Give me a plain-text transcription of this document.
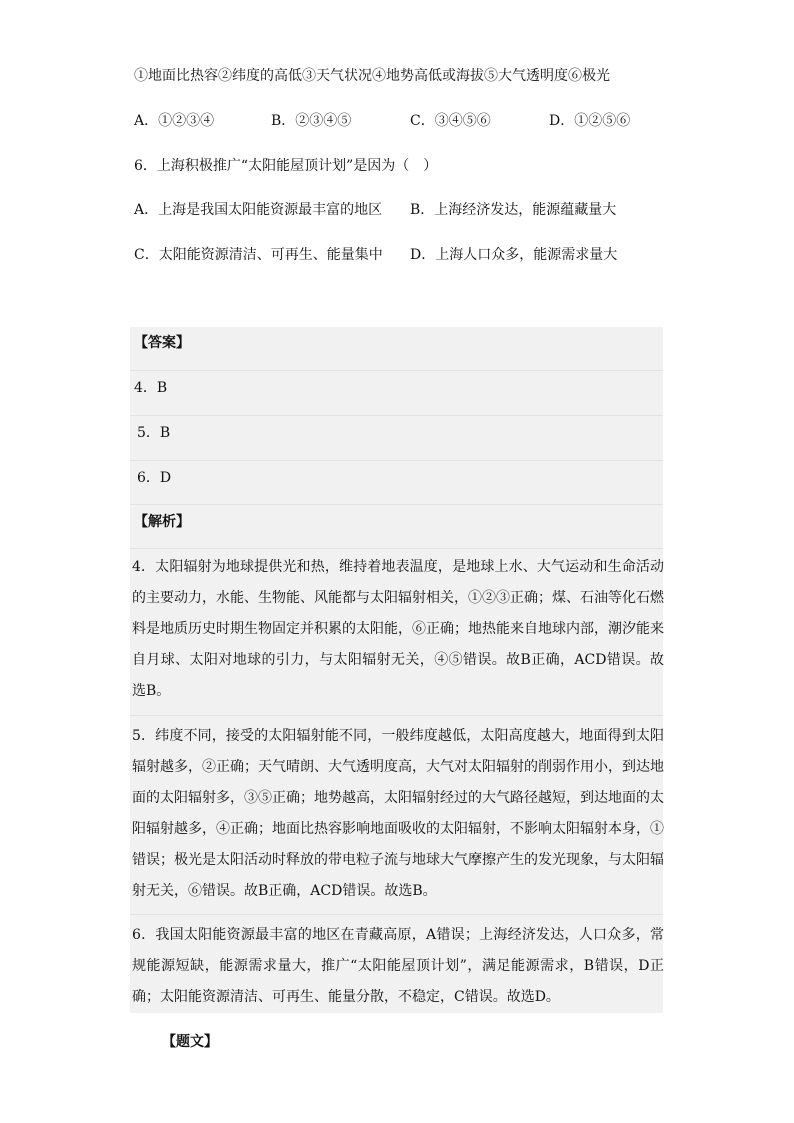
①地面比热容②纬度的高低③天气状况④地势高低或海拔⑤大气透明度⑥极光
A．①②③④	B．②③④⑤	C．③④⑤⑥	D．①②⑤⑥
6．上海积极推广“太阳能屋顶计划”是因为（　）
A．上海是我国太阳能资源最丰富的地区 B．上海经济发达，能源蕴藏量大
C．太阳能资源清洁、可再生、能量集中 D．上海人口众多，能源需求量大
【答案】
4．B
5．B
6．D
【解析】
4．太阳辐射为地球提供光和热，维持着地表温度，是地球上水、大气运动和生命活动的主要动力，水能、生物能、风能都与太阳辐射相关，①②③正确；煤、石油等化石燃料是地质历史时期生物固定并积累的太阳能，⑥正确；地热能来自地球内部，潮汐能来自月球、太阳对地球的引力，与太阳辐射无关，④⑤错误。故B正确，ACD错误。故选B。
5．纬度不同，接受的太阳辐射能不同，一般纬度越低，太阳高度越大，地面得到太阳辐射越多，②正确；天气晴朗、大气透明度高，大气对太阳辐射的削弱作用小，到达地面的太阳辐射多，③⑤正确；地势越高，太阳辐射经过的大气路径越短，到达地面的太阳辐射越多，④正确；地面比热容影响地面吸收的太阳辐射，不影响太阳辐射本身，①错误；极光是太阳活动时释放的带电粒子流与地球大气摩擦产生的发光现象，与太阳辐射无关，⑥错误。故B正确，ACD错误。故选B。
6．我国太阳能资源最丰富的地区在青藏高原，A错误；上海经济发达，人口众多，常规能源短缺，能源需求量大，推广“太阳能屋顶计划”，满足能源需求，B错误，D正确；太阳能资源清洁、可再生、能量分散，不稳定，C错误。故选D。
【题文】
